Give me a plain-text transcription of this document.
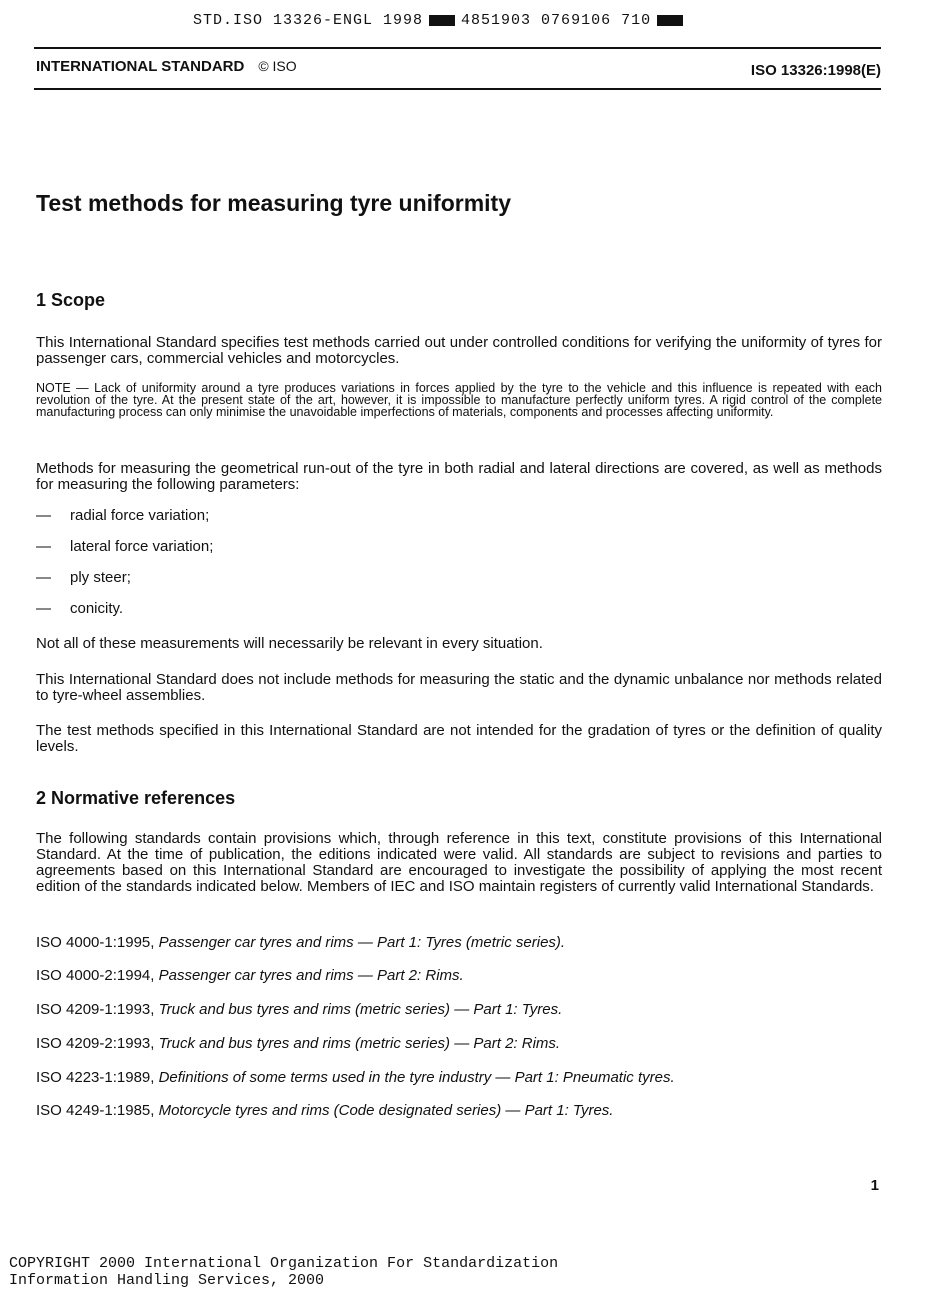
STD.ISO 13326-ENGL 1998	4851903 0769106 710
INTERNATIONAL STANDARD © ISO	ISO 13326:1998(E)
Test methods for measuring tyre uniformity
1 Scope

This International Standard specifies test methods carried out under controlled conditions for verifying the uniformity of tyres for passenger cars, commercial vehicles and motorcycles.

NOTE — Lack of uniformity around a tyre produces variations in forces applied by the tyre to the vehicle and this influence is repeated with each revolution of the tyre. At the present state of the art, however, it is impossible to manufacture perfectly uniform tyres. A rigid control of the complete manufacturing process can only minimise the unavoidable imperfections of materials, components and processes affecting uniformity.

Methods for measuring the geometrical run-out of the tyre in both radial and lateral directions are covered, as well as methods for measuring the following parameters:

— radial force variation;
— lateral force variation;
— ply steer;
— conicity.

Not all of these measurements will necessarily be relevant in every situation.

This International Standard does not include methods for measuring the static and the dynamic unbalance nor methods related to tyre-wheel assemblies.

The test methods specified in this International Standard are not intended for the gradation of tyres or the definition of quality levels.

2 Normative references

The following standards contain provisions which, through reference in this text, constitute provisions of this International Standard. At the time of publication, the editions indicated were valid. All standards are subject to revisions and parties to agreements based on this International Standard are encouraged to investigate the possibility of applying the most recent edition of the standards indicated below. Members of IEC and ISO maintain registers of currently valid International Standards.

ISO 4000-1:1995, Passenger car tyres and rims — Part 1: Tyres (metric series).
ISO 4000-2:1994, Passenger car tyres and rims — Part 2: Rims.
ISO 4209-1:1993, Truck and bus tyres and rims (metric series) — Part 1: Tyres.
ISO 4209-2:1993, Truck and bus tyres and rims (metric series) — Part 2: Rims.
ISO 4223-1:1989, Definitions of some terms used in the tyre industry — Part 1: Pneumatic tyres.
ISO 4249-1:1985, Motorcycle tyres and rims (Code designated series) — Part 1: Tyres.
1
COPYRIGHT 2000 International Organization For Standardization
Information Handling Services, 2000
